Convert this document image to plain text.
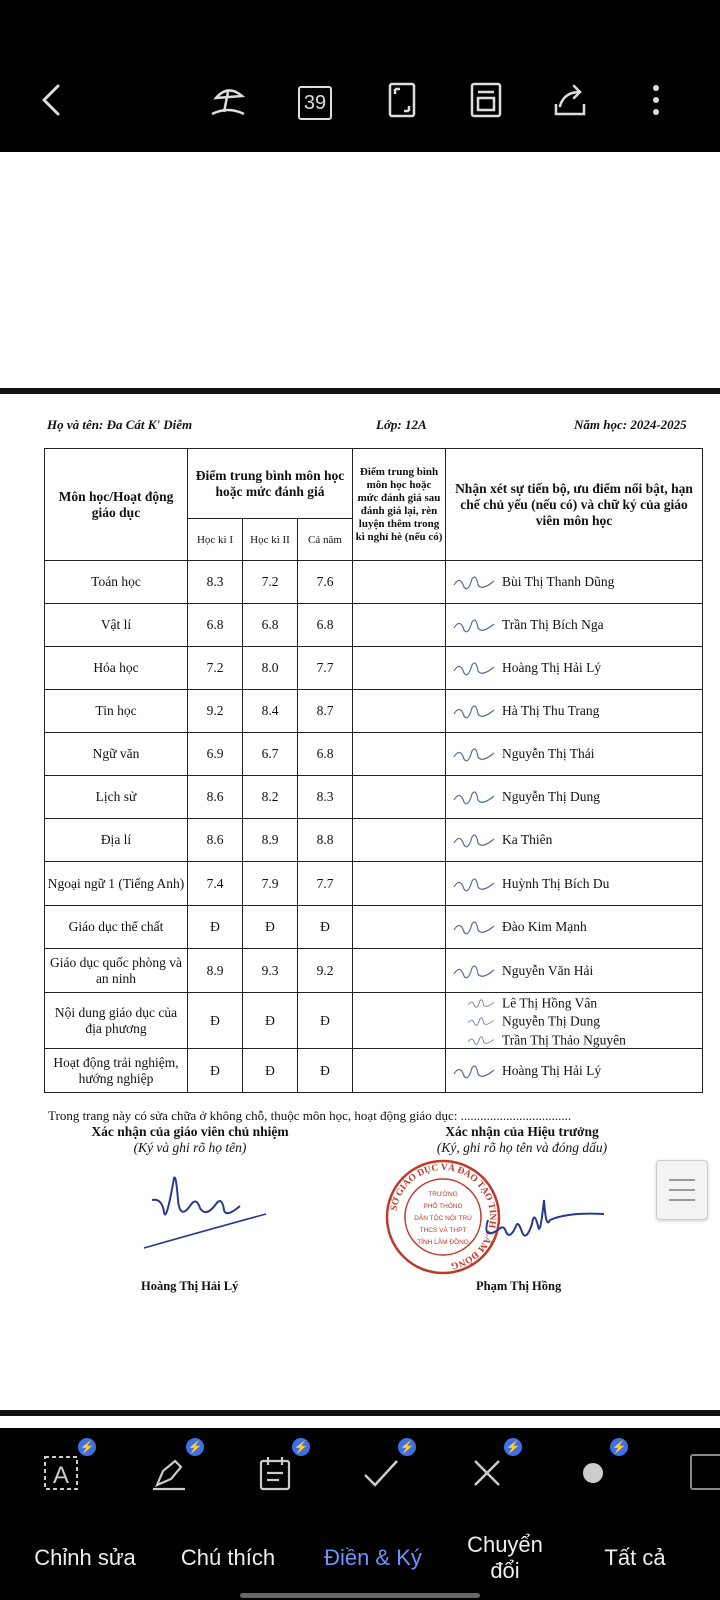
39
Họ và tên: Đa Cát K' Diễm	Lớp: 12A	Năm học: 2024-2025
Môn học/Hoạt động giáo dục	Điểm trung bình môn học hoặc mức đánh giá			Điểm trung bình môn học hoặc mức đánh giá sau đánh giá lại, rèn luyện thêm trong kì nghỉ hè (nếu có)	Nhận xét sự tiến bộ, ưu điểm nổi bật, hạn chế chủ yếu (nếu có) và chữ ký của giáo viên môn học
	Học kì I	Học kì II	Cả năm		
Toán học	8.3	7.2	7.6		Bùi Thị Thanh Dũng

Vật lí	6.8	6.8	6.8		Trần Thị Bích Nga

Hóa học	7.2	8.0	7.7		Hoàng Thị Hải Lý

Tin học	9.2	8.4	8.7		Hà Thị Thu Trang

Ngữ văn	6.9	6.7	6.8		Nguyễn Thị Thái

Lịch sử	8.6	8.2	8.3		Nguyễn Thị Dung

Địa lí	8.6	8.9	8.8		Ka Thiên

Ngoại ngữ 1 (Tiếng Anh)	7.4	7.9	7.7		Huỳnh Thị Bích Du

Giáo dục thể chất	Đ	Đ	Đ		Đào Kim Mạnh

Giáo dục quốc phòng và an ninh	8.9	9.3	9.2		Nguyễn Văn Hải

Nội dung giáo dục của địa phương	Đ	Đ	Đ		Lê Thị Hồng Vân
Nguyễn Thị Dung
Trần Thị Thảo Nguyên

Hoạt động trải nghiệm, hướng nghiệp	Đ	Đ	Đ		Hoàng Thị Hải Lý
Trong trang này có sửa chữa ở không chỗ, thuộc môn học, hoạt động giáo dục: ..................................
Xác nhận của giáo viên chủ nhiệm
(Ký và ghi rõ họ tên)
Xác nhận của Hiệu trưởng
(Ký, ghi rõ họ tên và đóng dấu)
SỞ GIÁO DỤC VÀ ĐÀO TẠO TỈNH LÂM ĐỒNG
TRƯỜNG
PHỔ THÔNG
DÂN TỘC NỘI TRÚ
THCS VÀ THPT
TỈNH LÂM ĐỒNG
Hoàng Thị Hải Lý	Phạm Thị Hồng
A
⚡	⚡	⚡	⚡	⚡	⚡
Chỉnh sửa	Chú thích	Điền & Ký
Chuyển đổi
Tất cả
